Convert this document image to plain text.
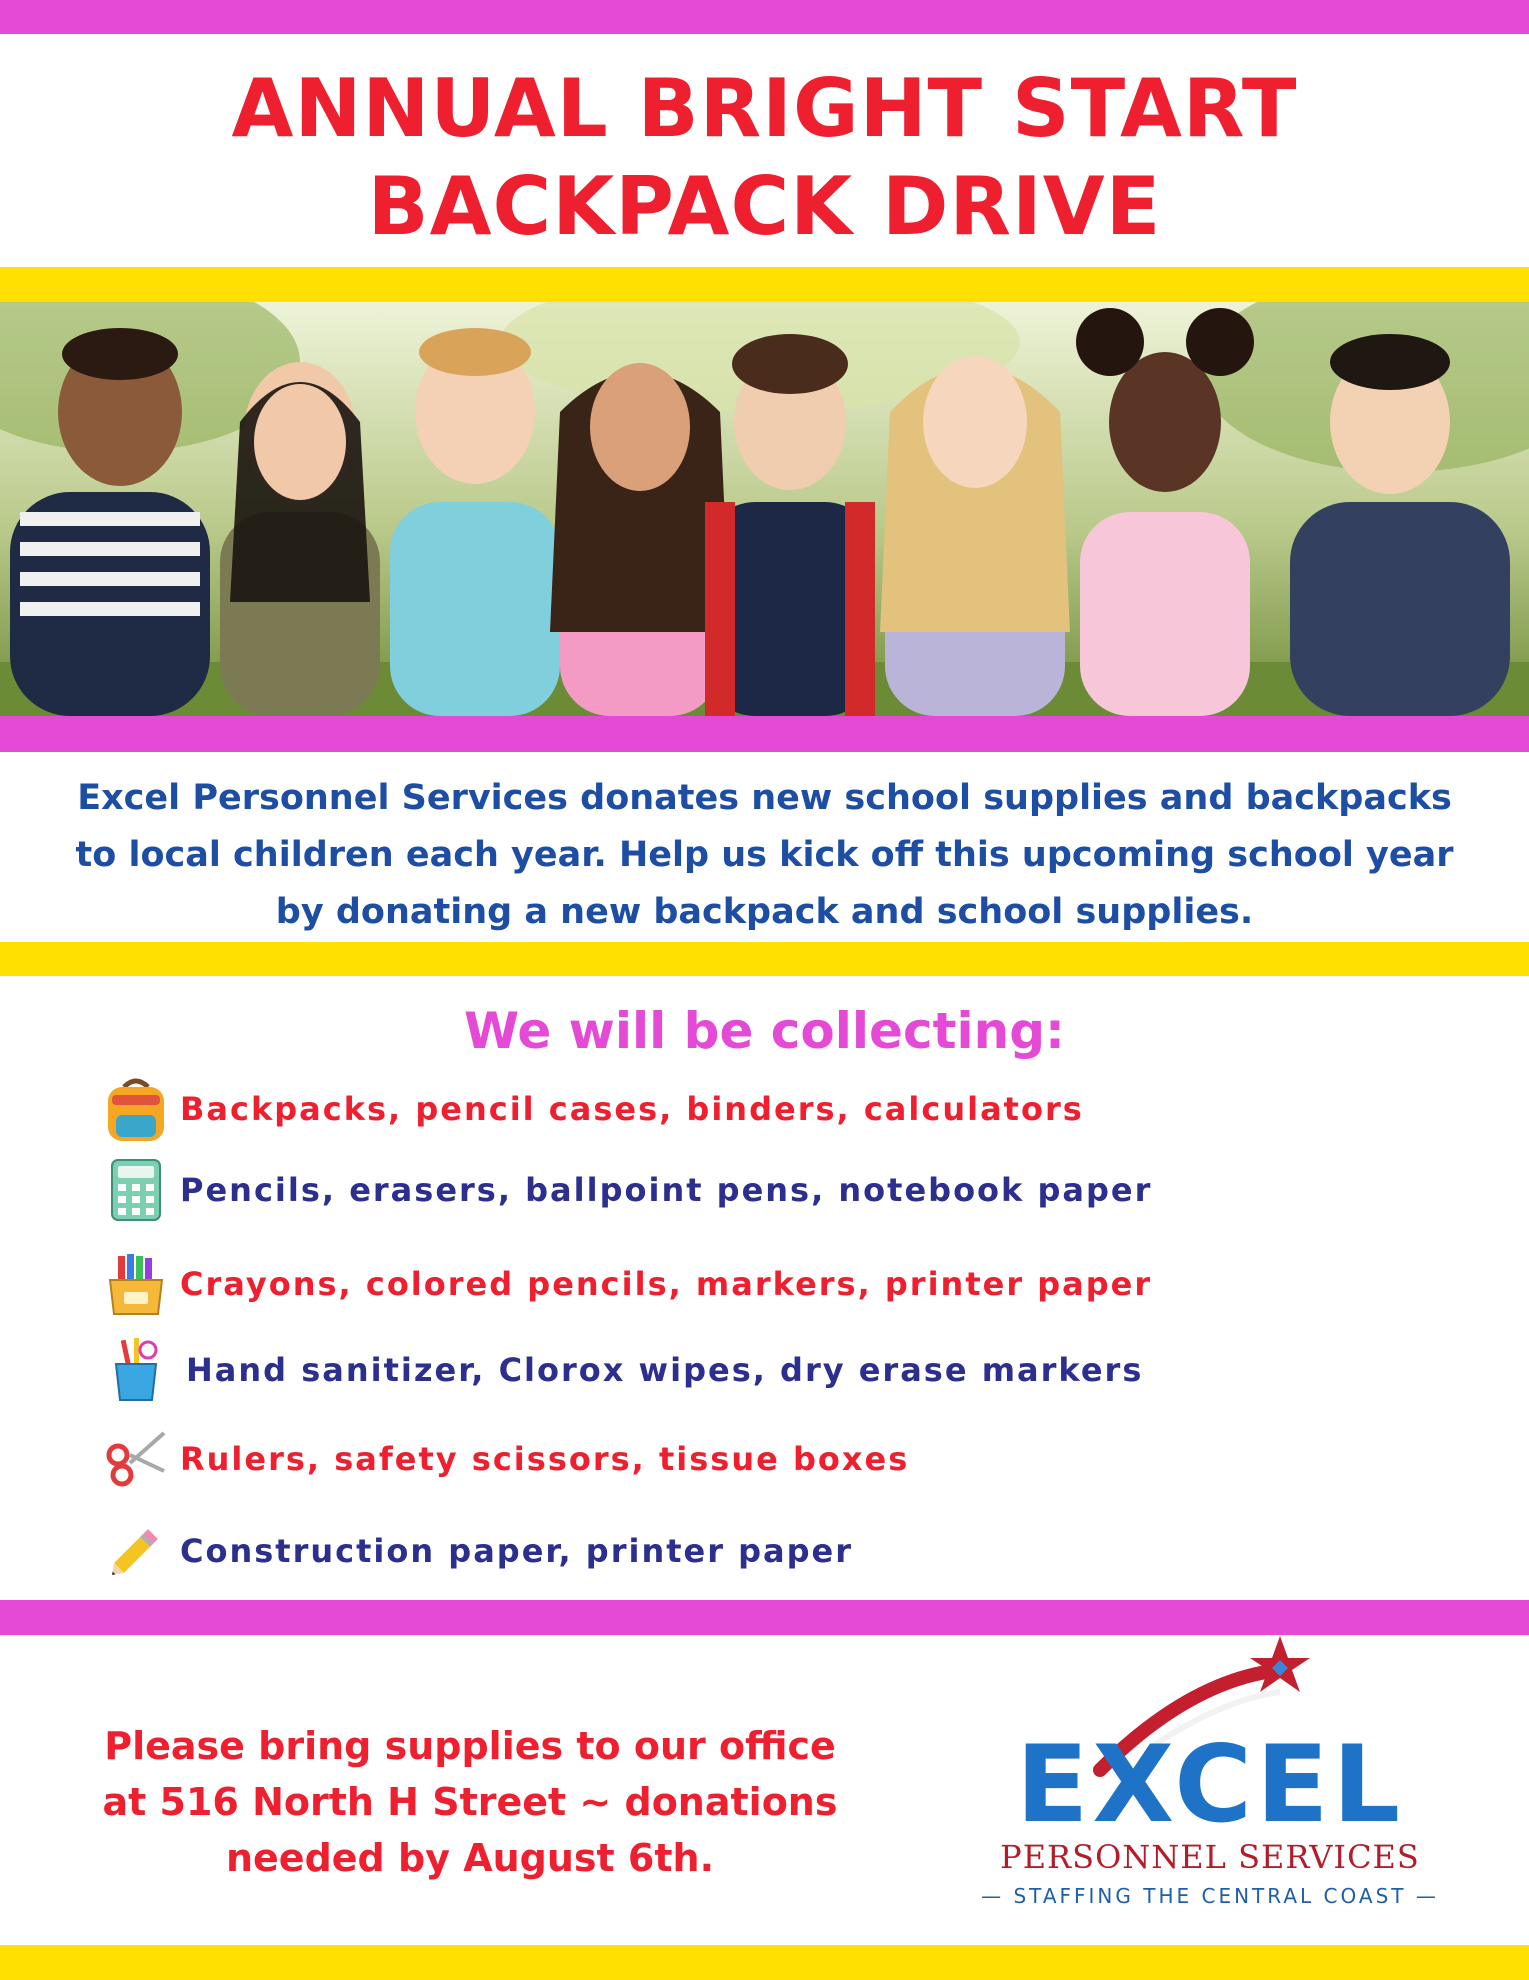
ANNUAL BRIGHT START
BACKPACK DRIVE
Excel Personnel Services donates new school supplies and backpacks
to local children each year. Help us kick off this upcoming school year
by donating a new backpack and school supplies.
We will be collecting:
Backpacks, pencil cases, binders, calculators
Pencils, erasers, ballpoint pens, notebook paper
Crayons, colored pencils, markers, printer paper
Hand sanitizer, Clorox wipes, dry erase markers
Rulers, safety scissors, tissue boxes
Construction paper, printer paper
Please bring supplies to our office
at 516 North H Street ~ donations
needed by August 6th.
EXCEL
PERSONNEL SERVICES
— STAFFING THE CENTRAL COAST —
